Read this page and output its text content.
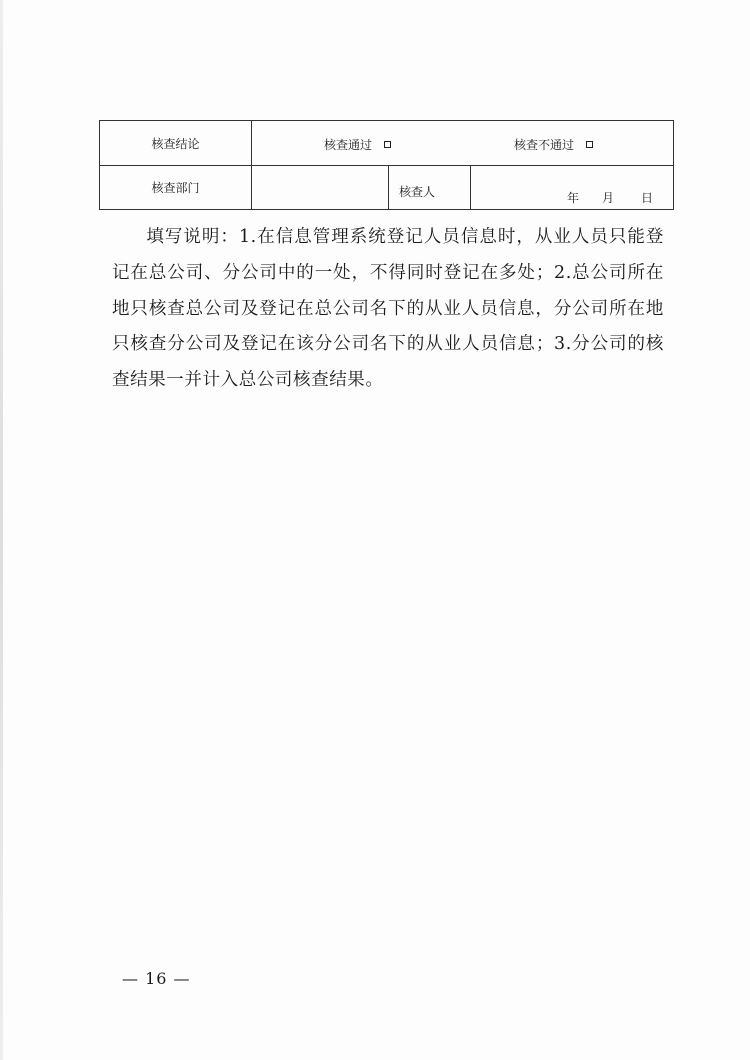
核查结论	核查通过 核查不通过		

核查部门		核查人	年 月 日
填写说明：1.在信息管理系统登记人员信息时，从业人员只能登记在总公司、分公司中的一处，不得同时登记在多处；2.总公司所在地只核查总公司及登记在总公司名下的从业人员信息，分公司所在地只核查分公司及登记在该分公司名下的从业人员信息；3.分公司的核查结果一并计入总公司核查结果。
— 16 —
